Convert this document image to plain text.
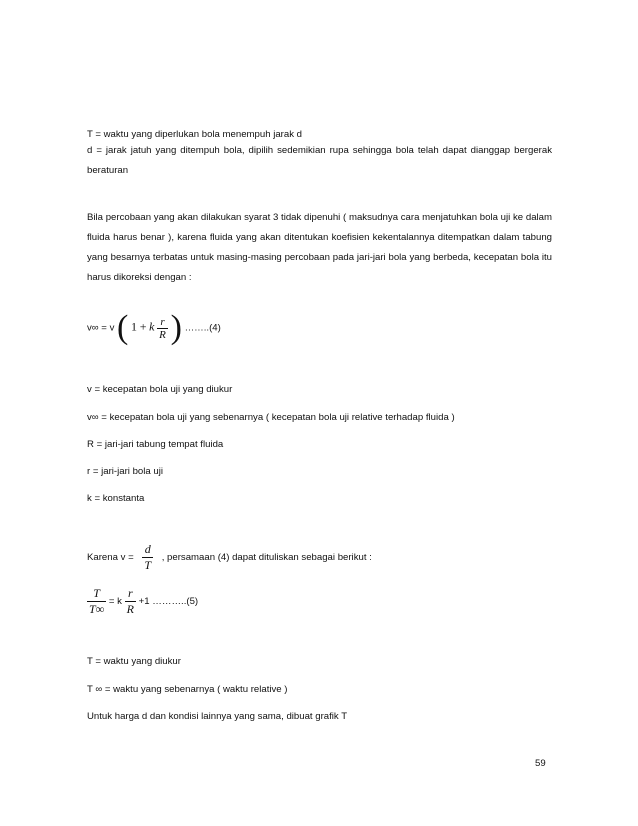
T = waktu yang diperlukan bola menempuh jarak d

d = jarak jatuh yang ditempuh bola, dipilih sedemikian rupa sehingga bola telah dapat dianggap bergerak beraturan

Bila percobaan yang akan dilakukan syarat 3 tidak dipenuhi ( maksudnya cara menjatuhkan bola uji ke dalam fluida harus benar ), karena fluida yang akan ditentukan koefisien kekentalannya ditempatkan dalam tabung yang besarnya terbatas untuk masing-masing percobaan pada jari-jari bola yang berbeda, kecepatan bola itu harus dikoreksi dengan :

v∞ = v ( 1 + k $\frac{r}{R}$ ) ……..(4)

v = kecepatan bola uji yang diukur

v∞ = kecepatan bola uji yang sebenarnya ( kecepatan bola uji relative terhadap fluida )

R = jari-jari tabung tempat fluida

r = jari-jari bola uji

k = konstanta

Karena $v = \frac{d}{T}$ , persamaan (4) dapat dituliskan sebagai berikut :
$\frac{T}{T\infty} = k \frac{r}{R} +1$ ………..(5)

T = waktu yang diukur

T ∞ = waktu yang sebenarnya ( waktu relative )

Untuk harga d dan kondisi lainnya yang sama, dibuat grafik T

59
